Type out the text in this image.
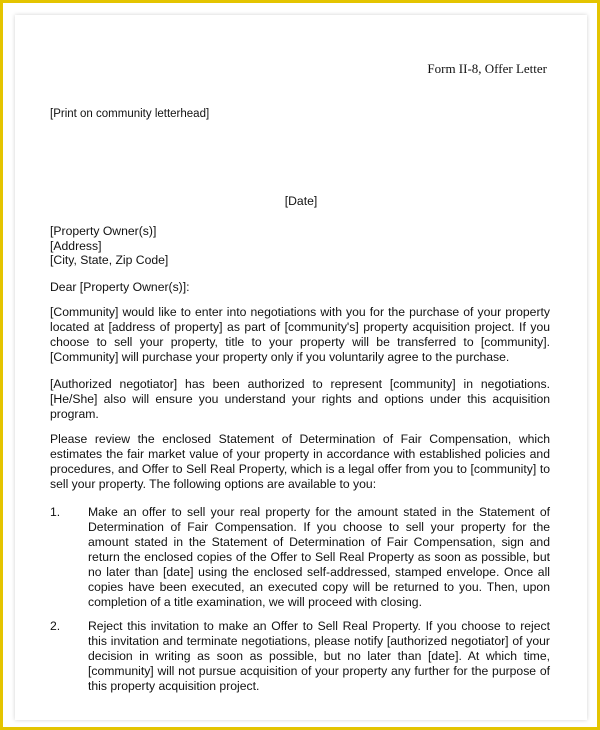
Form II-8, Offer Letter

[Print on community letterhead]

[Date]

[Property Owner(s)]
[Address]
[City, State, Zip Code]

Dear [Property Owner(s)]:

[Community] would like to enter into negotiations with you for the purchase of your property located at [address of property] as part of [community's] property acquisition project. If you choose to sell your property, title to your property will be transferred to [community]. [Community] will purchase your property only if you voluntarily agree to the purchase.

[Authorized negotiator] has been authorized to represent [community] in negotiations. [He/She] also will ensure you understand your rights and options under this acquisition program.

Please review the enclosed Statement of Determination of Fair Compensation, which estimates the fair market value of your property in accordance with established policies and procedures, and Offer to Sell Real Property, which is a legal offer from you to [community] to sell your property. The following options are available to you:

1. Make an offer to sell your real property for the amount stated in the Statement of Determination of Fair Compensation. If you choose to sell your property for the amount stated in the Statement of Determination of Fair Compensation, sign and return the enclosed copies of the Offer to Sell Real Property as soon as possible, but no later than [date] using the enclosed self-addressed, stamped envelope. Once all copies have been executed, an executed copy will be returned to you. Then, upon completion of a title examination, we will proceed with closing.
2. Reject this invitation to make an Offer to Sell Real Property. If you choose to reject this invitation and terminate negotiations, please notify [authorized negotiator] of your decision in writing as soon as possible, but no later than [date]. At which time, [community] will not pursue acquisition of your property any further for the purpose of this property acquisition project.
